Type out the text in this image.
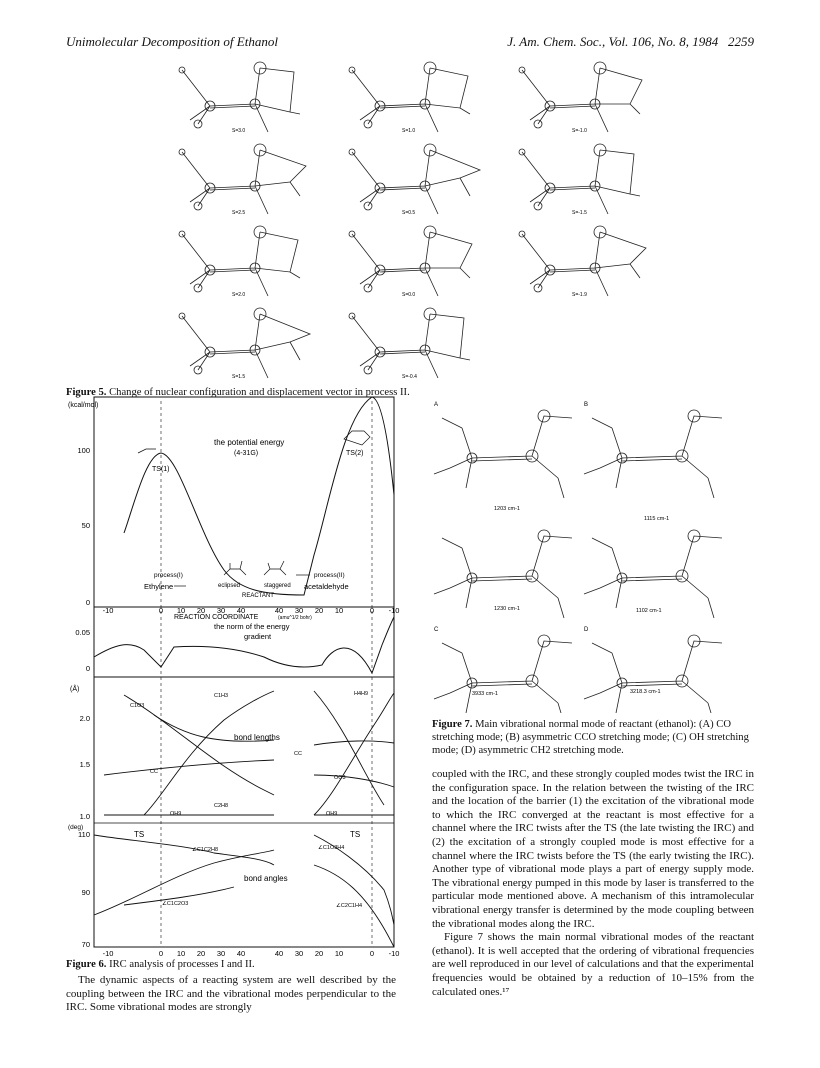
Unimolecular Decomposition of Ethanol	J. Am. Chem. Soc., Vol. 106, No. 8, 1984 2259
S=3.0	S=1.0	S=-1.0
S=2.5	S=0.5	S=-1.5
S=2.0	S=0.0	S=-1.9
S=1.5	S=-0.4
Figure 5. Change of nuclear configuration and displacement vector in process II.
(kcal/mol)
100
50
0
the potential energy
(4-31G)
TS(1)
TS(2)
process(I)
Ethylene	eclipsed	staggered
REACTANT
process(II)
acetaldehyde
-10	0 10 20 30 40	40 30 20 10	0 -10
REACTION COORDINATE	(amu^1/2 bohr)
0.05
0
the norm of the energy
gradient
(Å)
2.0
1.5
1.0
bond lengths
C1H3	H4H9
C1O3
C2H8
CC
CC
OO3
OH9	OH9
(deg)
110
90
70
TS	TS
bond angles
∠C1C2H8
∠C1C2O3
∠C1O3H4
∠C2C1H4
-10	0 10 20 30 40	40 30 20 10	0 -10
Figure 6. IRC analysis of processes I and II.
A
1203 cm-1
B
1115 cm-1
1230 cm-1	1102 cm-1
C
3933 cm-1
D
3218.3 cm-1
Figure 7. Main vibrational normal mode of reactant (ethanol): (A) CO stretching mode; (B) asymmetric CCO stretching mode; (C) OH stretching mode; (D) asymmetric CH2 stretching mode.

The dynamic aspects of a reacting system are well described by the coupling between the IRC and the vibrational modes perpendicular to the IRC. Some vibrational modes are strongly

coupled with the IRC, and these strongly coupled modes twist the IRC in the configuration space. In the relation between the twisting of the IRC and the location of the barrier (1) the excitation of the vibrational mode to which the IRC converged at the reactant is most effective for a channel where the IRC twists after the TS (the late twisting the IRC) and (2) the excitation of a strongly coupled mode is most effective for a channel where the IRC twists before the TS (the early twisting the IRC). Another type of vibrational mode plays a part of energy supply mode. The vibrational energy pumped in this mode by laser is transferred to the particular mode mentioned above. A mechanism of this intramolecular vibrational energy transfer is determined by the mode coupling between the vibrational modes along the IRC.

Figure 7 shows the main normal vibrational modes of the reactant (ethanol). It is well accepted that the ordering of vibrational frequencies are well reproduced in our level of calculations and that the experimental frequencies would be obtained by a reduction of 10–15% from the calculated ones.¹⁷
